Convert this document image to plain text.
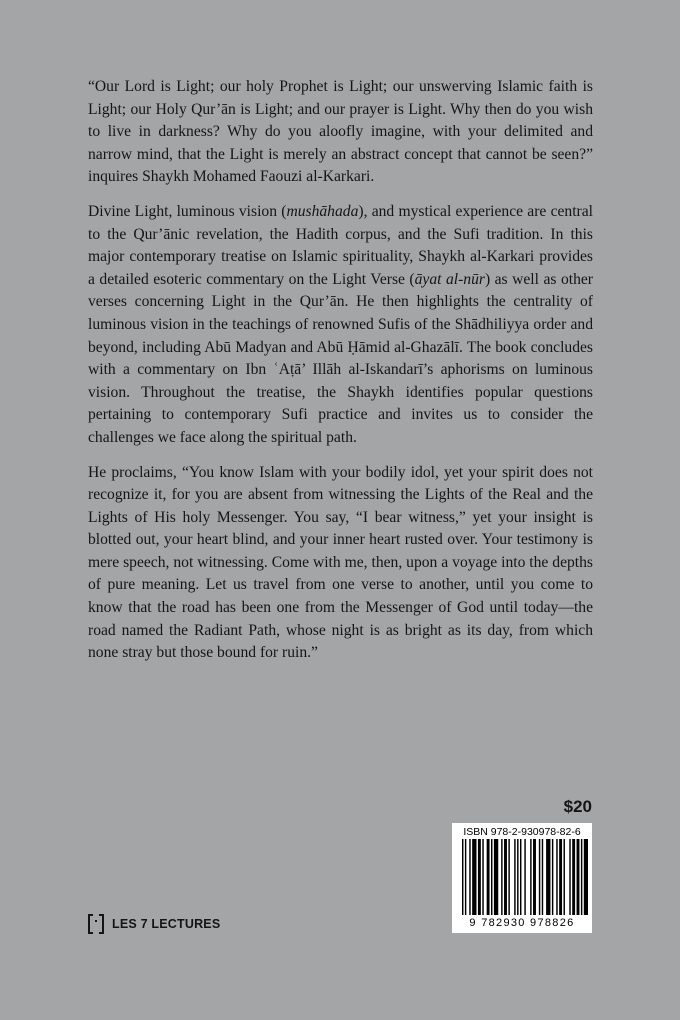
“Our Lord is Light; our holy Prophet is Light; our unswerving Islamic faith is Light; our Holy Qur’ān is Light; and our prayer is Light. Why then do you wish to live in darkness? Why do you aloofly imagine, with your delimited and narrow mind, that the Light is merely an abstract concept that cannot be seen?” inquires Shaykh Mohamed Faouzi al-Karkari.

Divine Light, luminous vision (mushāhada), and mystical experience are central to the Qur’ānic revelation, the Hadith corpus, and the Sufi tradition. In this major contemporary treatise on Islamic spirituality, Shaykh al-Karkari provides a detailed esoteric commentary on the Light Verse (āyat al-nūr) as well as other verses concerning Light in the Qur’ān. He then highlights the centrality of luminous vision in the teachings of renowned Sufis of the Shādhiliyya order and beyond, including Abū Madyan and Abū Ḥāmid al-Ghazālī. The book concludes with a commentary on Ibn ʿAṭā’ Illāh al-Iskandarī’s aphorisms on luminous vision. Throughout the treatise, the Shaykh identifies popular questions pertaining to contemporary Sufi practice and invites us to consider the challenges we face along the spiritual path.

He proclaims, “You know Islam with your bodily idol, yet your spirit does not recognize it, for you are absent from witnessing the Lights of the Real and the Lights of His holy Messenger. You say, “I bear witness,” yet your insight is blotted out, your heart blind, and your inner heart rusted over. Your testimony is mere speech, not witnessing. Come with me, then, upon a voyage into the depths of pure meaning. Let us travel from one verse to another, until you come to know that the road has been one from the Messenger of God until today—the road named the Radiant Path, whose night is as bright as its day, from which none stray but those bound for ruin.”

$20
ISBN 978-2-930978-82-6
9 782930 978826
LES 7 LECTURES
